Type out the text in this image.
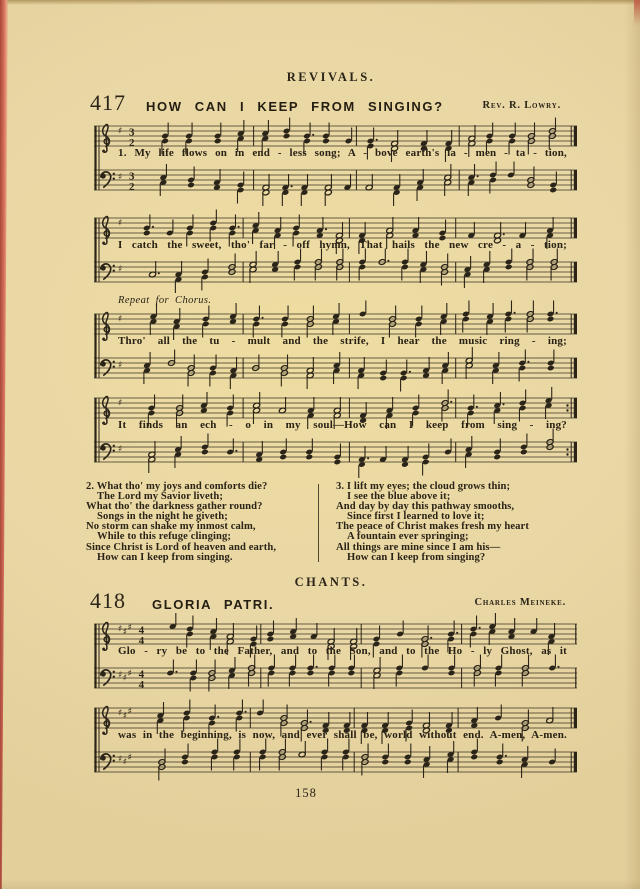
REVIVALS.
417 HOW CAN I KEEP FROM SINGING?	Rev. R. Lowry.
Repeat for Chorus.
♯ 3
2
♯ 3
2
1. My life flows on in end - less song; A - bove earth's la - men - ta - tion,
♯
♯
I catch the sweet, tho' far - off hymn, That hails the new cre - a - tion;
♯
♯
Thro' all the tu - mult and the strife, I hear the music ring - ing;
♯
♯
It finds an ech - o in my soul—How can I keep from sing - ing?
♯ ♯ ♯ 4
4
♯ ♯ ♯ 4
4
Glo - ry be to the Father, and to the Son, and to the Ho - ly Ghost, as it
♯ ♯ ♯
♯ ♯ ♯
was in the beginning, is now, and ever shall be, world without end. A-men, A-men.
2. What tho' my joys and comforts die?
The Lord my Savior liveth;
What tho' the darkness gather round?
Songs in the night he giveth;
No storm can shake my inmost calm,
While to this refuge clinging;
Since Christ is Lord of heaven and earth,
How can I keep from singing.
3. I lift my eyes; the cloud grows thin;
I see the blue above it;
And day by day this pathway smooths,
Since first I learned to love it;
The peace of Christ makes fresh my heart
A fountain ever springing;
All things are mine since I am his—
How can I keep from singing?
CHANTS.
418 GLORIA PATRI.	Charles Meineke.
158
